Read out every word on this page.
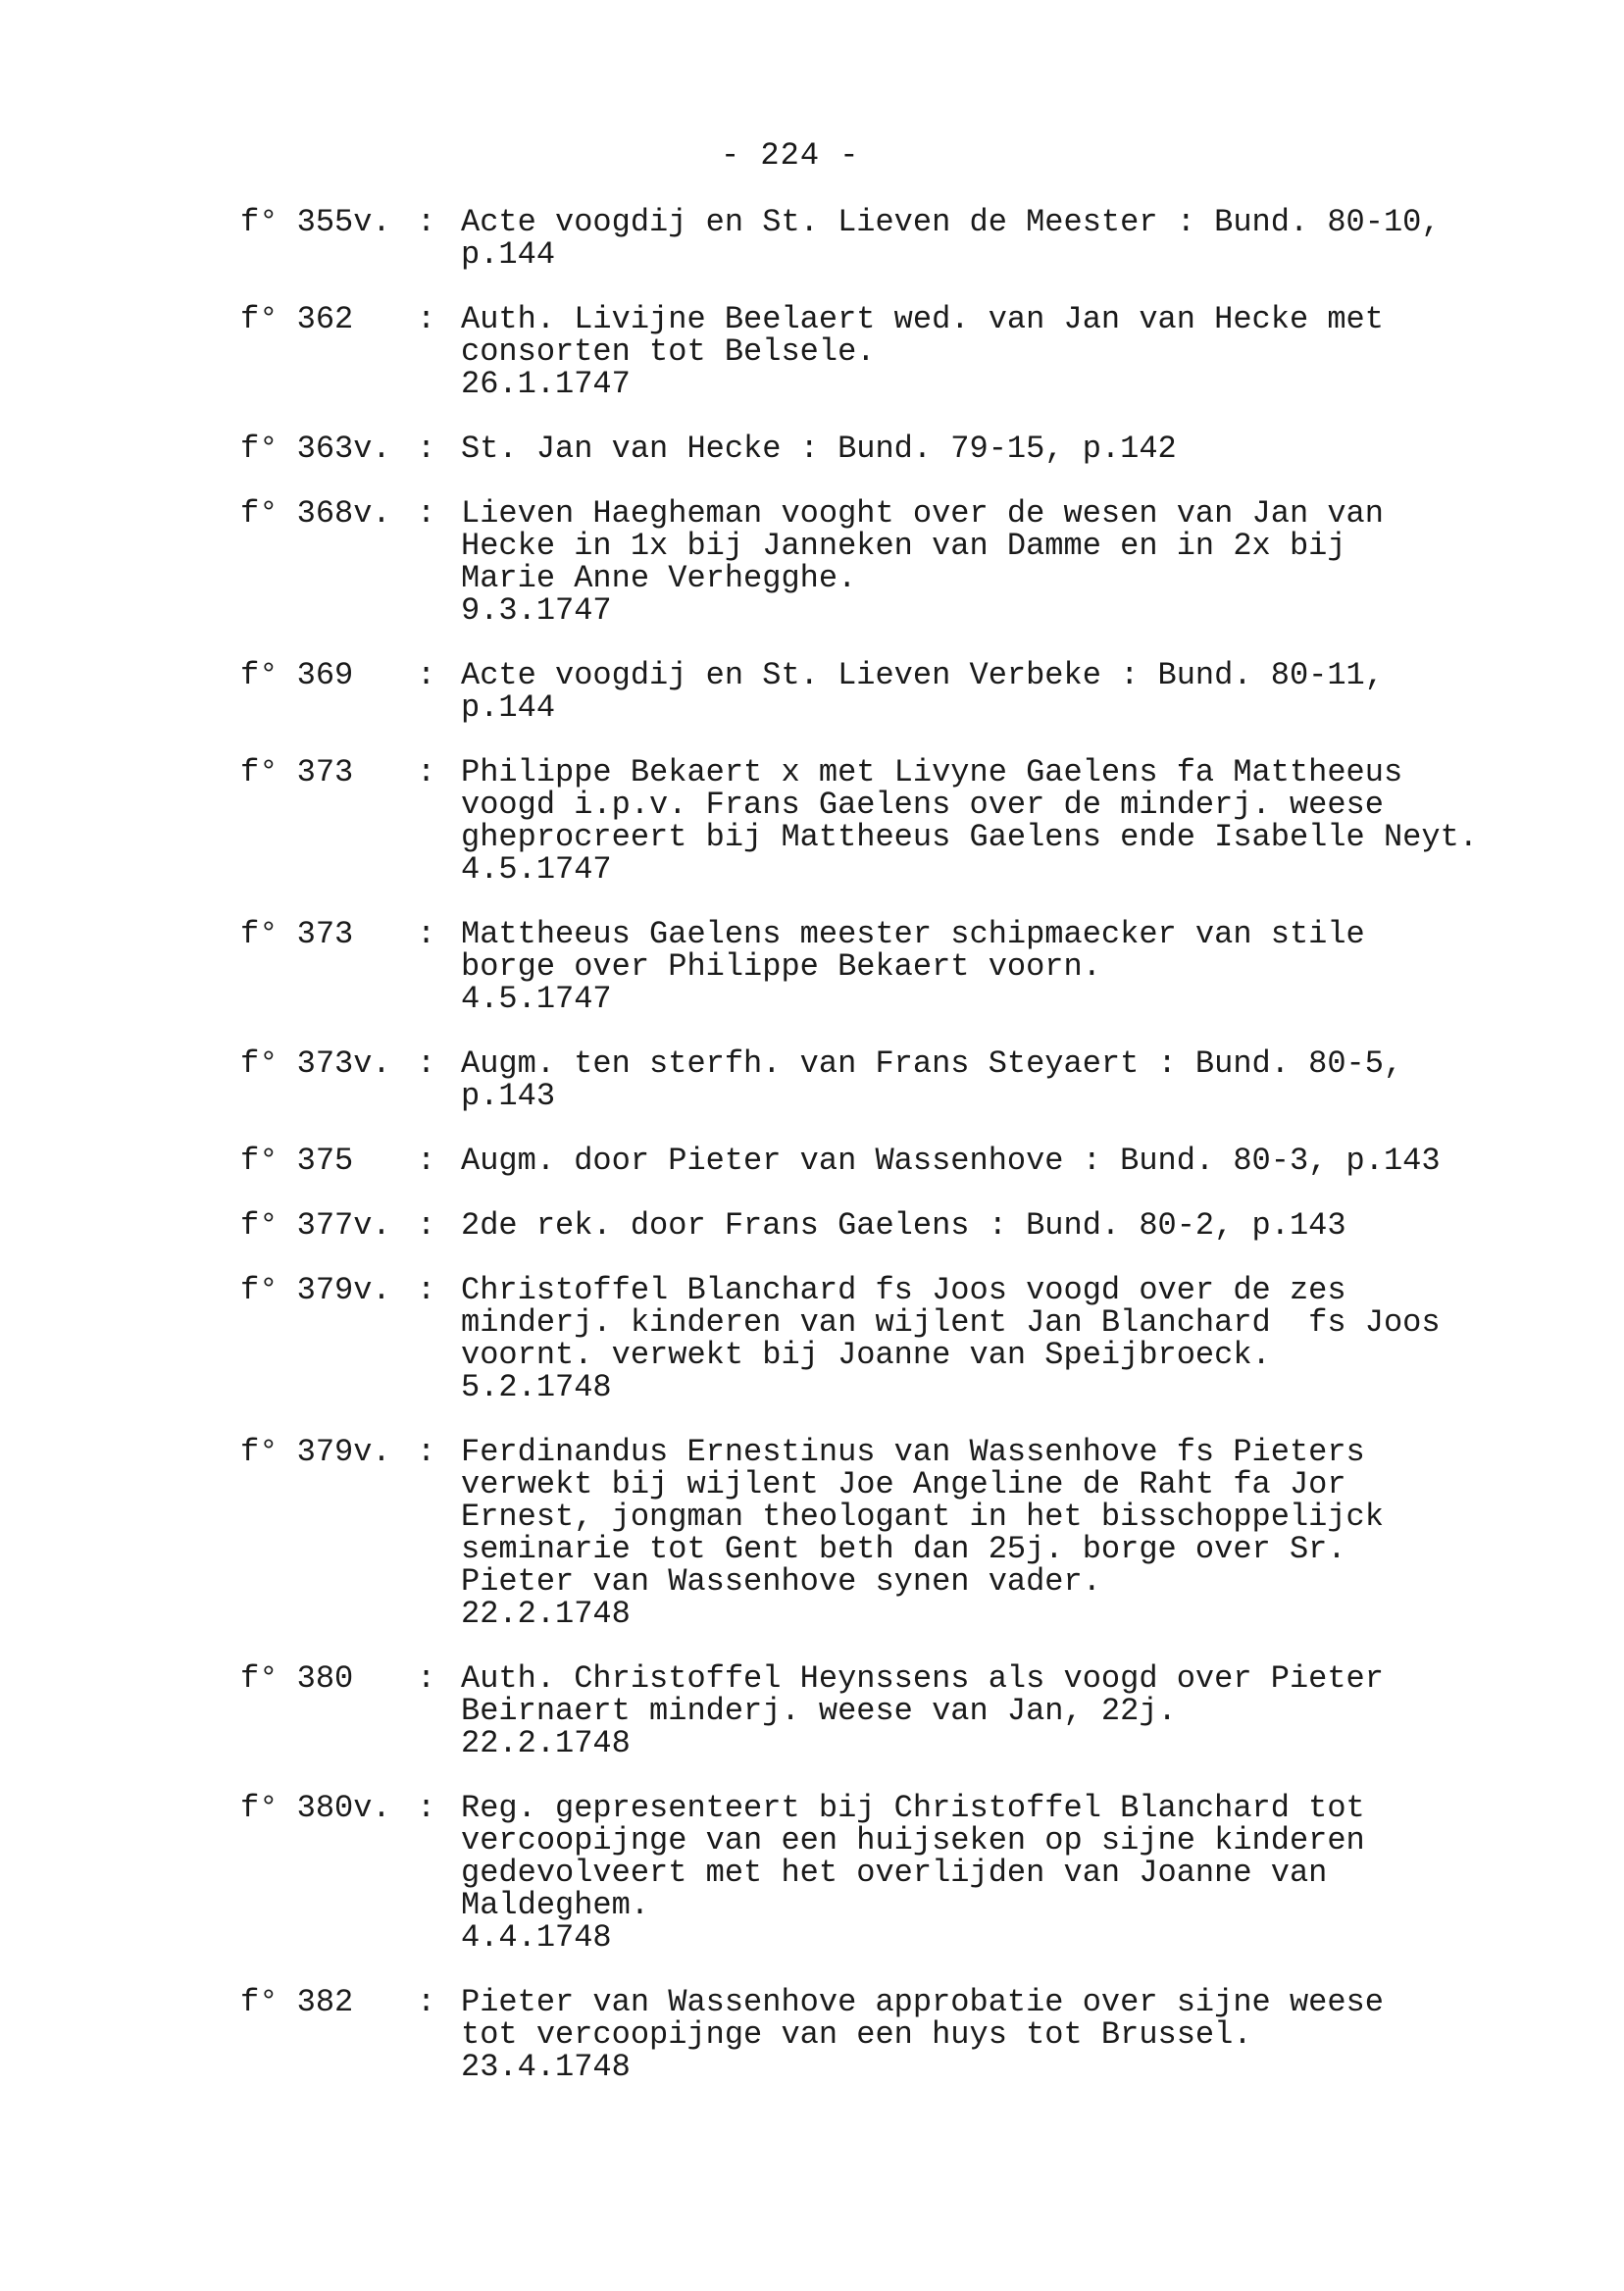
- 224 -
f° 355v. : Acte voogdij en St. Lieven de Meester : Bund. 80-10,
p.144
f° 362	: Auth. Livijne Beelaert wed. van Jan van Hecke met
consorten tot Belsele.
26.1.1747
f° 363v. : St. Jan van Hecke : Bund. 79-15, p.142
f° 368v. : Lieven Haegheman vooght over de wesen van Jan van
Hecke in 1x bij Janneken van Damme en in 2x bij
Marie Anne Verhegghe.
9.3.1747
f° 369	: Acte voogdij en St. Lieven Verbeke : Bund. 80-11,
p.144
f° 373	: Philippe Bekaert x met Livyne Gaelens fa Mattheeus
voogd i.p.v. Frans Gaelens over de minderj. weese
gheprocreert bij Mattheeus Gaelens ende Isabelle Neyt.
4.5.1747
f° 373	: Mattheeus Gaelens meester schipmaecker van stile
borge over Philippe Bekaert voorn.
4.5.1747
f° 373v. : Augm. ten sterfh. van Frans Steyaert : Bund. 80-5,
p.143
f° 375	: Augm. door Pieter van Wassenhove : Bund. 80-3, p.143
f° 377v. : 2de rek. door Frans Gaelens : Bund. 80-2, p.143
f° 379v. : Christoffel Blanchard fs Joos voogd over de zes
minderj. kinderen van wijlent Jan Blanchard  fs Joos
voornt. verwekt bij Joanne van Speijbroeck.
5.2.1748
f° 379v. : Ferdinandus Ernestinus van Wassenhove fs Pieters
verwekt bij wijlent Joe Angeline de Raht fa Jor
Ernest, jongman theologant in het bisschoppelijck
seminarie tot Gent beth dan 25j. borge over Sr.
Pieter van Wassenhove synen vader.
22.2.1748
f° 380	: Auth. Christoffel Heynssens als voogd over Pieter
Beirnaert minderj. weese van Jan, 22j.
22.2.1748
f° 380v. : Reg. gepresenteert bij Christoffel Blanchard tot
vercoopijnge van een huijseken op sijne kinderen
gedevolveert met het overlijden van Joanne van
Maldeghem.
4.4.1748
f° 382	: Pieter van Wassenhove approbatie over sijne weese
tot vercoopijnge van een huys tot Brussel.
23.4.1748
